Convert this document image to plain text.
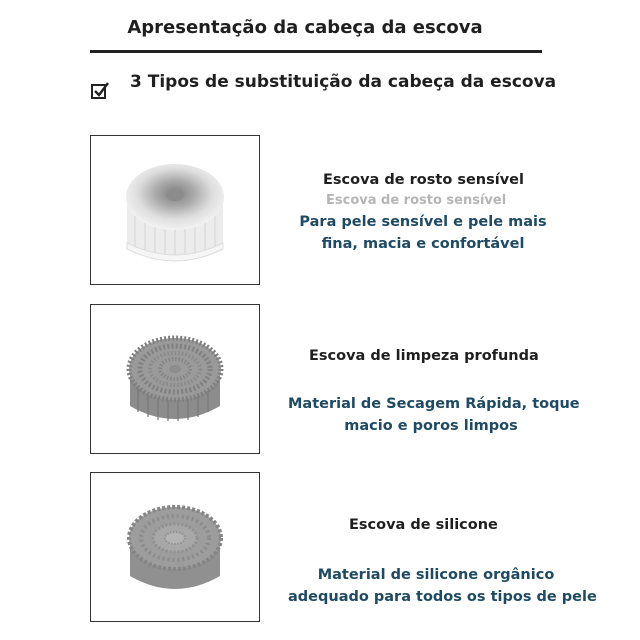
Apresentação da cabeça da escova
3 Tipos de substituição da cabeça da escova
Escova de rosto sensível
Escova de rosto sensível
Para pele sensível e pele mais
fina, macia e confortável
Escova de limpeza profunda
Material de Secagem Rápida, toque
macio e poros limpos
Escova de silicone
Material de silicone orgânico
adequado para todos os tipos de pele
